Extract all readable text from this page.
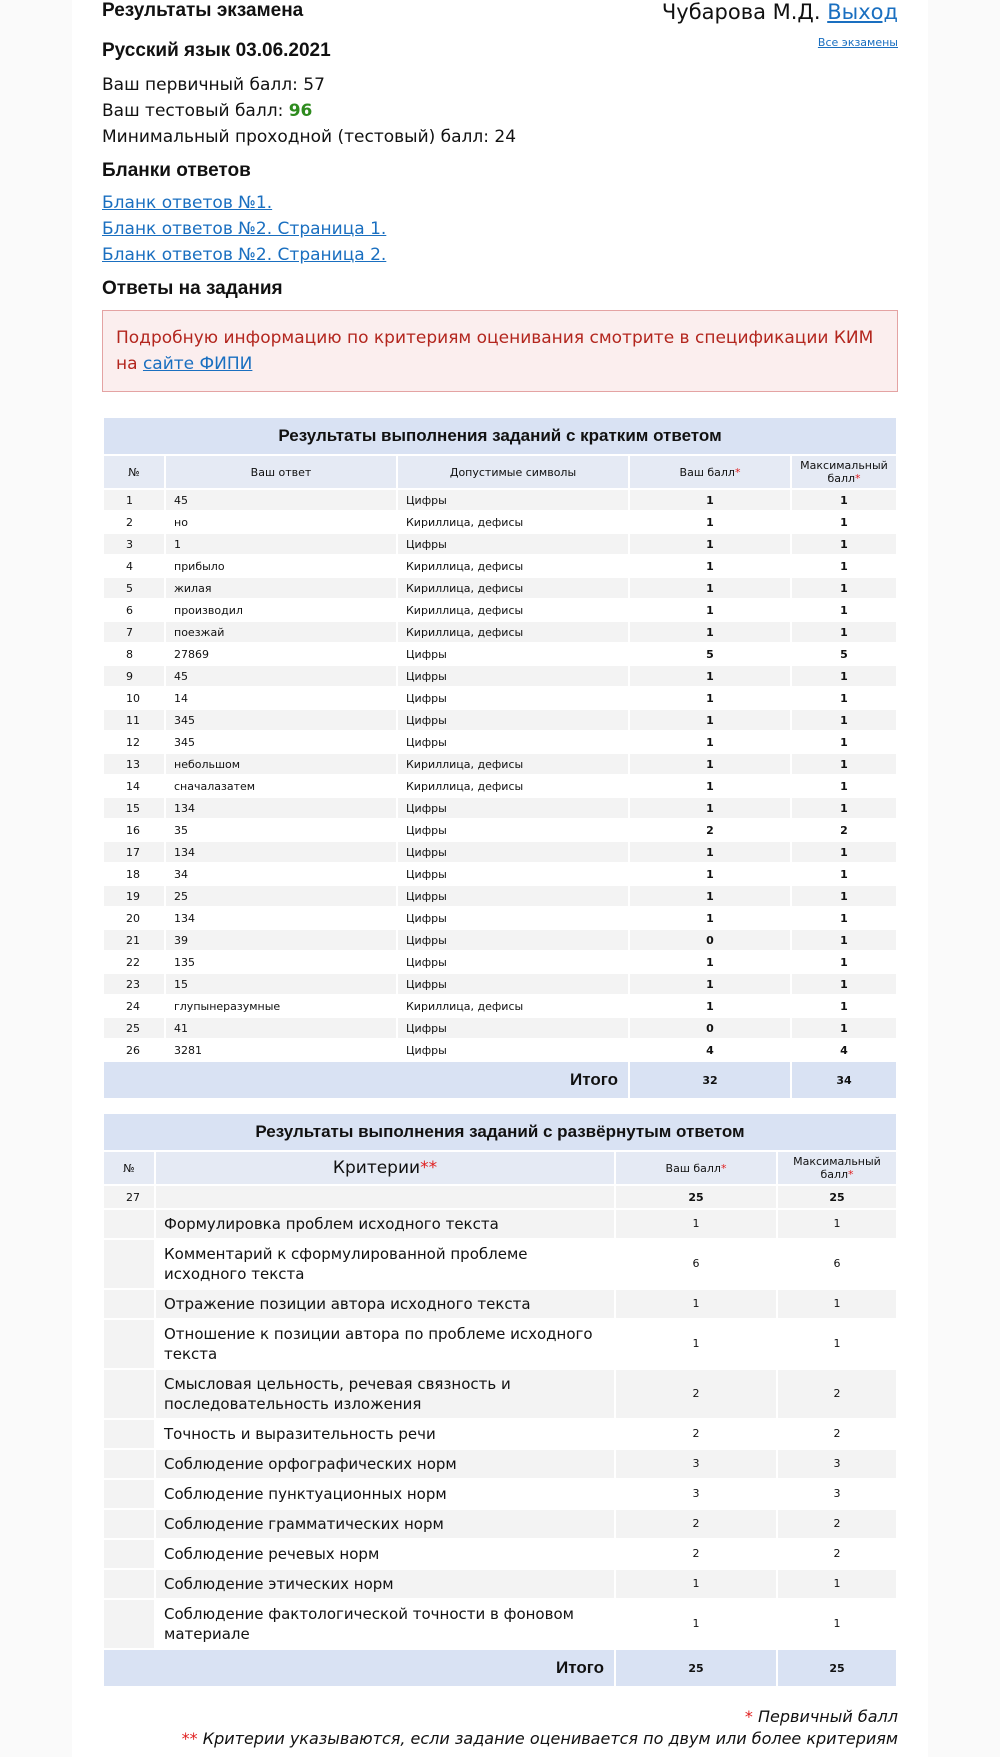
Результаты экзамена	Чубарова М.Д. Выход
Все экзамены
Русский язык 03.06.2021
Ваш первичный балл: 57
Ваш тестовый балл: 96
Минимальный проходной (тестовый) балл: 24
Бланки ответов
Бланк ответов №1.
Бланк ответов №2. Страница 1.
Бланк ответов №2. Страница 2.
Ответы на задания
Подробную информацию по критериям оценивания смотрите в спецификации КИМ на сайте ФИПИ
Результаты выполнения заданий с кратким ответом				
№	Ваш ответ	Допустимые символы	Ваш балл*	Максимальный балл*
1	45	Цифры	1	1
2	но	Кириллица, дефисы	1	1
3	1	Цифры	1	1
4	прибыло	Кириллица, дефисы	1	1
5	жилая	Кириллица, дефисы	1	1
6	производил	Кириллица, дефисы	1	1
7	поезжай	Кириллица, дефисы	1	1
8	27869	Цифры	5	5
9	45	Цифры	1	1
10	14	Цифры	1	1
11	345	Цифры	1	1
12	345	Цифры	1	1
13	небольшом	Кириллица, дефисы	1	1
14	сначалазатем	Кириллица, дефисы	1	1
15	134	Цифры	1	1
16	35	Цифры	2	2
17	134	Цифры	1	1
18	34	Цифры	1	1
19	25	Цифры	1	1
20	134	Цифры	1	1
21	39	Цифры	0	1
22	135	Цифры	1	1
23	15	Цифры	1	1
24	глупынеразумные	Кириллица, дефисы	1	1
25	41	Цифры	0	1
26	3281	Цифры	4	4
Итого			32	34
Результаты выполнения заданий с развёрнутым ответом			
№	Критерии**	Ваш балл*	Максимальный балл*
27		25	25
	Формулировка проблем исходного текста	1	1
	Комментарий к сформулированной проблеме исходного текста	6	6
	Отражение позиции автора исходного текста	1	1
	Отношение к позиции автора по проблеме исходного текста	1	1
	Смысловая цельность, речевая связность и последовательность изложения	2	2
	Точность и выразительность речи	2	2
	Соблюдение орфографических норм	3	3
	Соблюдение пунктуационных норм	3	3
	Соблюдение грамматических норм	2	2
	Соблюдение речевых норм	2	2
	Соблюдение этических норм	1	1
	Соблюдение фактологической точности в фоновом материале	1	1
Итого		25	25
* Первичный балл
** Критерии указываются, если задание оценивается по двум или более критериям
